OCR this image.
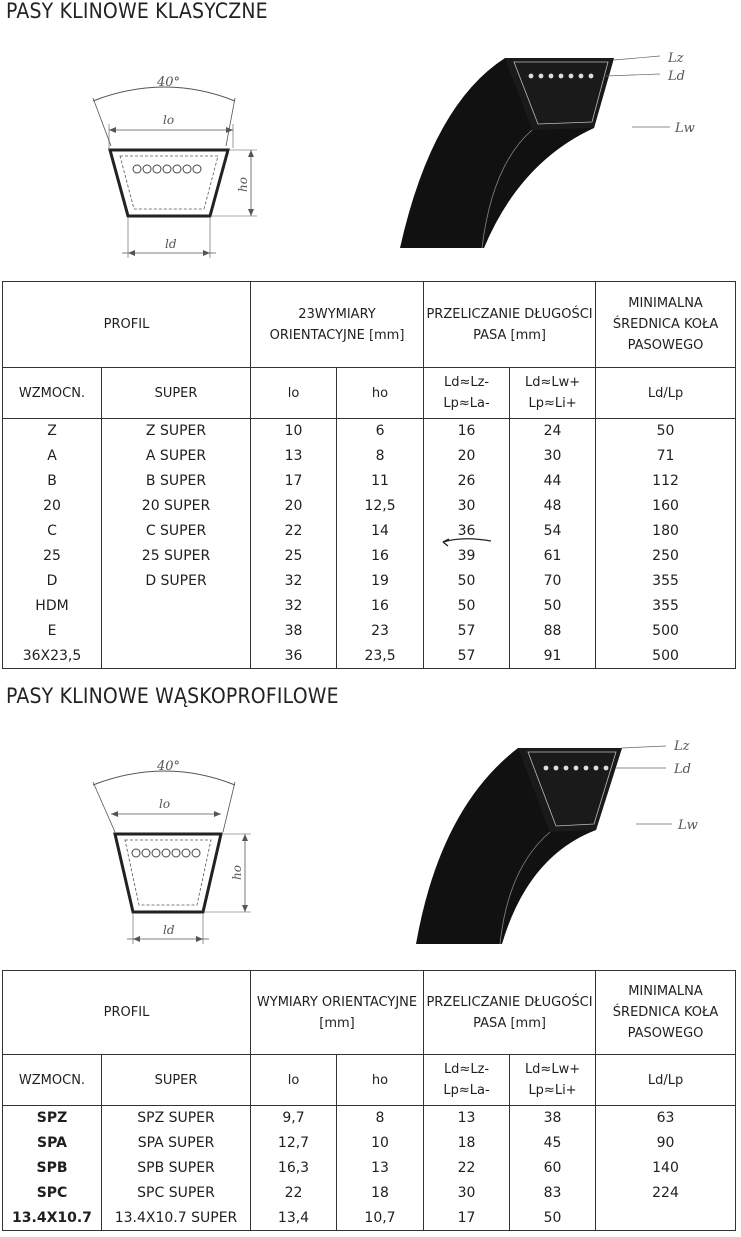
PASY KLINOWE KLASYCZNE
40°
lo
ho
ld
Lz
Ld
Lw
PROFIL		23WYMIARY ORIENTACYJNE [mm]		PRZELICZANIE DŁUGOŚCI PASA [mm]		MINIMALNA ŚREDNICA KOŁA PASOWEGO
WZMOCN.	SUPER	lo	ho	Ld≈Lz- Lp≈La-	Ld≈Lw+ Lp≈Li+	Ld/Lp
Z	Z SUPER	10	6	16	24	50
A	A SUPER	13	8	20	30	71
B	B SUPER	17	11	26	44	112
20	20 SUPER	20	12,5	30	48	160
C	C SUPER	22	14	36	54	180
25	25 SUPER	25	16	39	61	250
D	D SUPER	32	19	50	70	355
HDM		32	16	50	50	355
E		38	23	57	88	500
36X23,5		36	23,5	57	91	500
PASY KLINOWE WĄSKOPROFILOWE
40°
lo
ho
ld
Lz
Ld
Lw
PROFIL		WYMIARY ORIENTACYJNE [mm]		PRZELICZANIE DŁUGOŚCI PASA [mm]		MINIMALNA ŚREDNICA KOŁA PASOWEGO
WZMOCN.	SUPER	lo	ho	Ld≈Lz- Lp≈La-	Ld≈Lw+ Lp≈Li+	Ld/Lp
SPZ	SPZ SUPER	9,7	8	13	38	63
SPA	SPA SUPER	12,7	10	18	45	90
SPB	SPB SUPER	16,3	13	22	60	140
SPC	SPC SUPER	22	18	30	83	224
13.4X10.7	13.4X10.7 SUPER	13,4	10,7	17	50	
